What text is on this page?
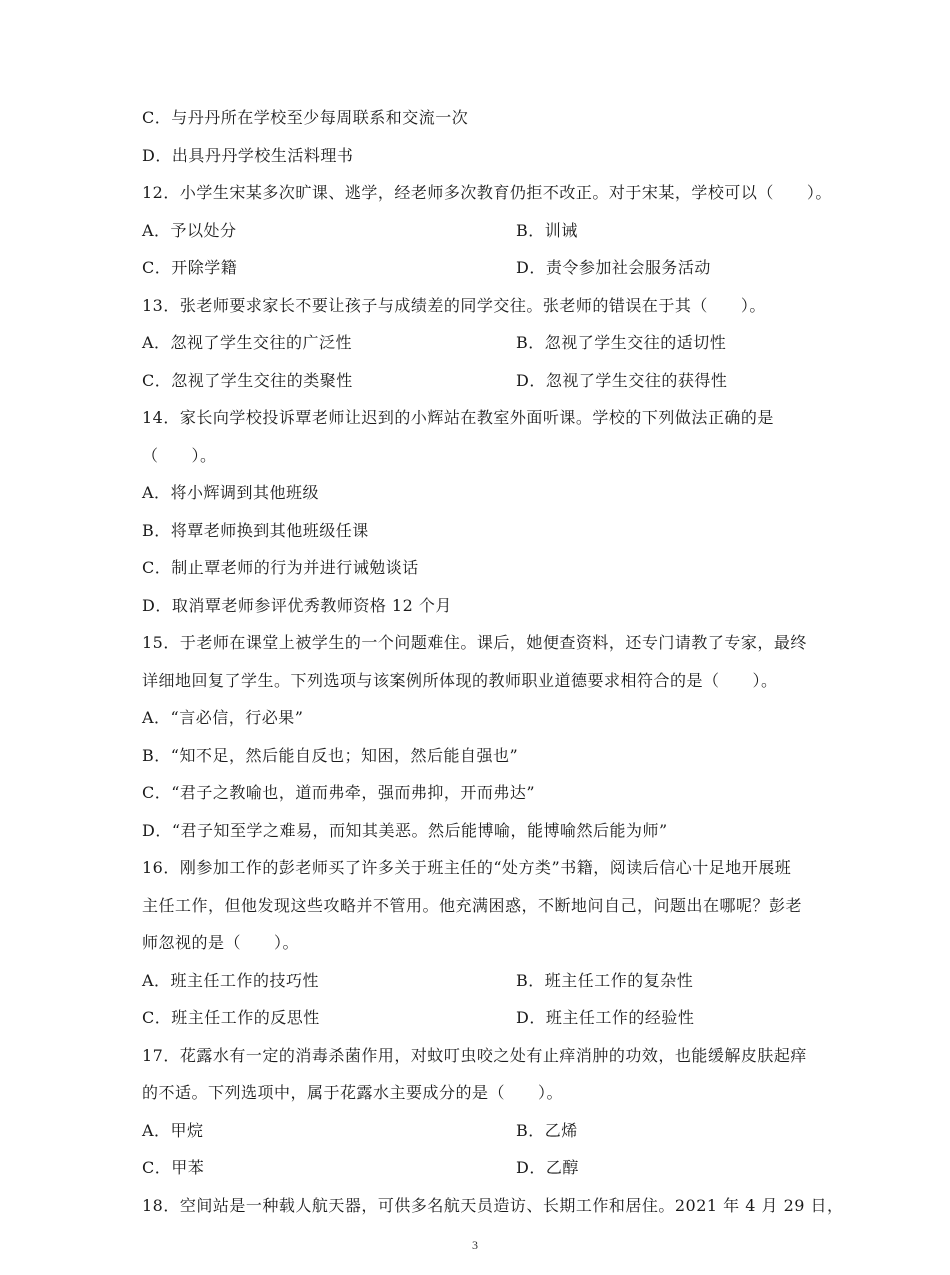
C．与丹丹所在学校至少每周联系和交流一次
D．出具丹丹学校生活料理书
12．小学生宋某多次旷课、逃学，经老师多次教育仍拒不改正。对于宋某，学校可以（　　）。
A．予以处分	B．训诫
C．开除学籍	D．责令参加社会服务活动
13．张老师要求家长不要让孩子与成绩差的同学交往。张老师的错误在于其（　　）。
A．忽视了学生交往的广泛性	B．忽视了学生交往的适切性
C．忽视了学生交往的类聚性	D．忽视了学生交往的获得性
14．家长向学校投诉覃老师让迟到的小辉站在教室外面听课。学校的下列做法正确的是
（　　）。
A．将小辉调到其他班级
B．将覃老师换到其他班级任课
C．制止覃老师的行为并进行诫勉谈话
D．取消覃老师参评优秀教师资格 12 个月
15．于老师在课堂上被学生的一个问题难住。课后，她便查资料，还专门请教了专家，最终
详细地回复了学生。下列选项与该案例所体现的教师职业道德要求相符合的是（　　）。
A．“言必信，行必果”
B．“知不足，然后能自反也；知困，然后能自强也”
C．“君子之教喻也，道而弗牵，强而弗抑，开而弗达”
D．“君子知至学之难易，而知其美恶。然后能博喻，能博喻然后能为师”
16．刚参加工作的彭老师买了许多关于班主任的“处方类”书籍，阅读后信心十足地开展班
主任工作，但他发现这些攻略并不管用。他充满困惑，不断地问自己，问题出在哪呢？彭老
师忽视的是（　　）。
A．班主任工作的技巧性	B．班主任工作的复杂性
C．班主任工作的反思性	D．班主任工作的经验性
17．花露水有一定的消毒杀菌作用，对蚊叮虫咬之处有止痒消肿的功效，也能缓解皮肤起痒
的不适。下列选项中，属于花露水主要成分的是（　　）。
A．甲烷	B．乙烯
C．甲苯	D．乙醇
18．空间站是一种载人航天器，可供多名航天员造访、长期工作和居住。2021 年 4 月 29 日，
3
